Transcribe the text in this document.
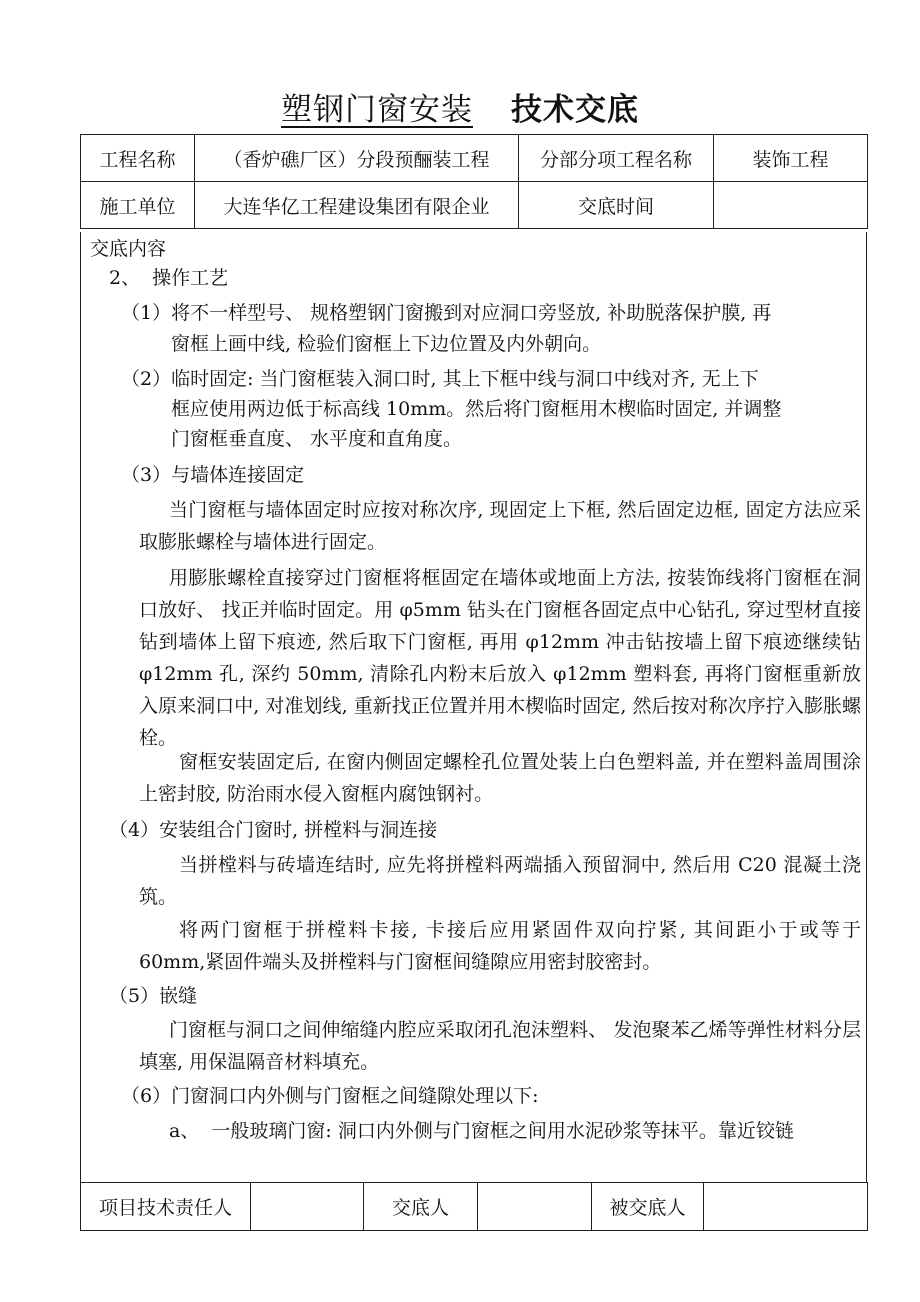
塑钢门窗安装 技术交底
工程名称	（香炉礁厂区）分段预酾装工程	分部分项工程名称	装饰工程
施工单位	大连华亿工程建设集团有限企业	交底时间	

交底内容

2、  操作工艺

（1）将不一样型号、 规格塑钢门窗搬到对应洞口旁竖放, 补助脱落保护膜, 再

窗框上画中线, 检验们窗框上下边位置及内外朝向。

（2）临时固定: 当门窗框装入洞口时, 其上下框中线与洞口中线对齐, 无上下

框应使用两边低于标高线 10mm。然后将门窗框用木楔临时固定, 并调整

门窗框垂直度、 水平度和直角度。

（3）与墙体连接固定

当门窗框与墙体固定时应按对称次序, 现固定上下框, 然后固定边框, 固定方法应采取膨胀螺栓与墙体进行固定。
用膨胀螺栓直接穿过门窗框将框固定在墙体或地面上方法, 按装饰线将门窗框在洞口放好、 找正并临时固定。用 φ5mm 钻头在门窗框各固定点中心钻孔, 穿过型材直接钻到墙体上留下痕迹, 然后取下门窗框, 再用 φ12mm 冲击钻按墙上留下痕迹继续钻 φ12mm 孔, 深约 50mm, 清除孔内粉末后放入 φ12mm 塑料套, 再将门窗框重新放入原来洞口中, 对准划线, 重新找正位置并用木楔临时固定, 然后按对称次序拧入膨胀螺栓。
窗框安装固定后, 在窗内侧固定螺栓孔位置处装上白色塑料盖, 并在塑料盖周围涂上密封胶, 防治雨水侵入窗框内腐蚀钢衬。

（4）安装组合门窗时, 拼樘料与洞连接

当拼樘料与砖墙连结时, 应先将拼樘料两端插入预留洞中, 然后用 C20 混凝土浇筑。
将两门窗框于拼樘料卡接, 卡接后应用紧固件双向拧紧, 其间距小于或等于 60mm,紧固件端头及拼樘料与门窗框间缝隙应用密封胶密封。

（5）嵌缝

门窗框与洞口之间伸缩缝内腔应采取闭孔泡沫塑料、 发泡聚苯乙烯等弹性材料分层填塞, 用保温隔音材料填充。

（6）门窗洞口内外侧与门窗框之间缝隙处理以下:

a、  一般玻璃门窗: 洞口内外侧与门窗框之间用水泥砂浆等抹平。靠近铰链
项目技术责任人		交底人		被交底人	
